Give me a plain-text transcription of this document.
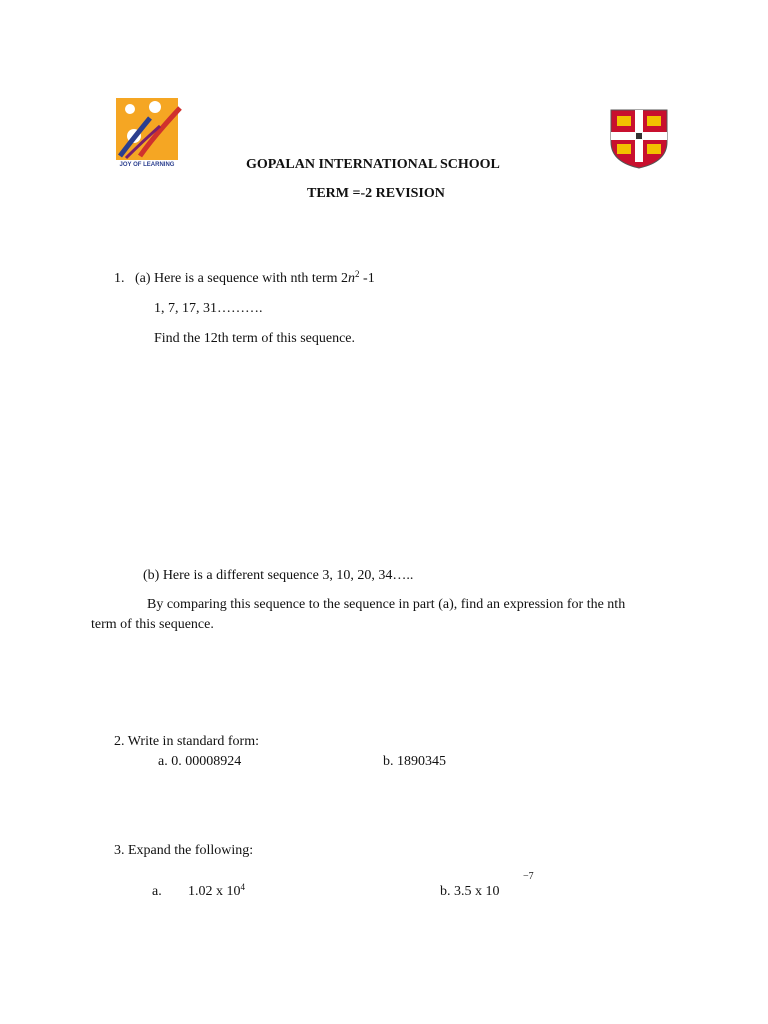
JOY OF LEARNING	GOPALAN INTERNATIONAL SCHOOL
TERM =-2 REVISION
1. (a) Here is a sequence with nth term $2n^2$ -1
1, 7, 17, 31……….
Find the 12th term of this sequence.
(b) Here is a different sequence 3, 10, 20, 34…..
By comparing this sequence to the sequence in part (a), find an expression for the nth
term of this sequence.
2. Write in standard form:
a. 0. 00008924	b. 1890345
3. Expand the following:
a. 1.02 x $10^4$	b. 3.5 x 10
−7
